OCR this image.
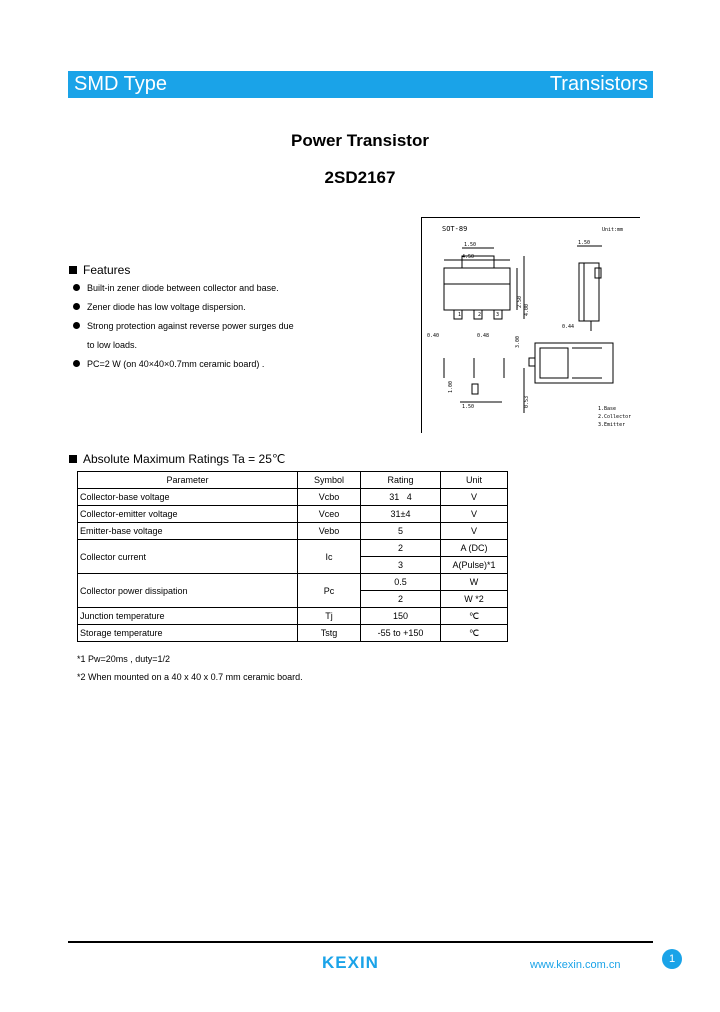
SMD Type	Transistors
Power Transistor
2SD2167
SOT-89	Unit:mm
1.50
4.50
1.50
0.40	0.48
0.44
1.50
1	2	3
2.50
4.00
3.00
0.53
1.00
1.Base
2.Collector
3.Emitter
Features
Built-in zener diode between collector and base.
Zener diode has low voltage dispersion.
Strong protection against reverse power surges due
to low loads.
PC=2 W (on 40×40×0.7mm ceramic board) .
Absolute Maximum Ratings Ta = 25℃
Parameter	Symbol	Rating	Unit
Collector-base voltage	Vcbo	31   4	V
Collector-emitter voltage	Vceo	31±4	V
Emitter-base voltage	Vebo	5	V
Collector current	Ic	2	A (DC)
		3	A(Pulse)*1
Collector power dissipation	Pc	0.5	W
		2	W *2
Junction temperature	Tj	150	℃
Storage temperature	Tstg	-55 to +150	℃
*1 Pw=20ms , duty=1/2
*2 When mounted on a 40 x 40 x 0.7 mm ceramic board.
KEXIN	www.kexin.com.cn	1
